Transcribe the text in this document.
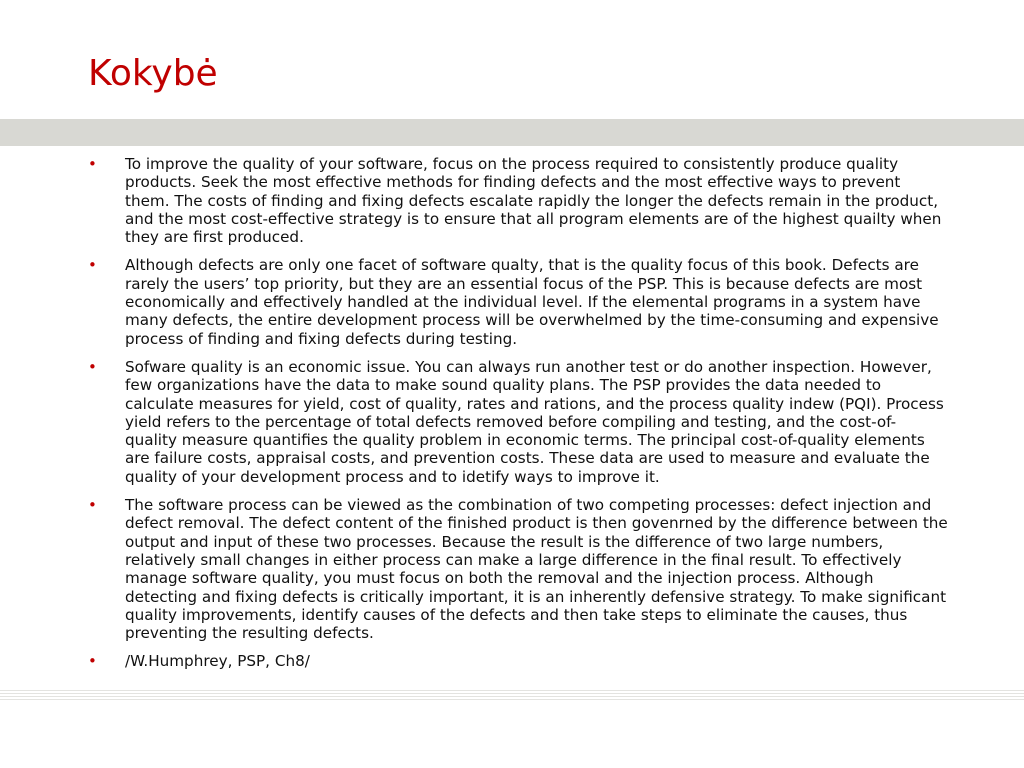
Kokybė
• To improve the quality of your software, focus on the process required to consistently produce quality products. Seek the most effective methods for finding defects and the most effective ways to prevent them. The costs of finding and fixing defects escalate rapidly the longer the defects remain in the product, and the most cost-effective strategy is to ensure that all program elements are of the highest quailty when they are first produced.
• Although defects are only one facet of software qualty, that is the quality focus of this book. Defects are rarely the users’ top priority, but they are an essential focus of the PSP. This is because defects are most economically and effectively handled at the individual level. If the elemental programs in a system have many defects, the entire development process will be overwhelmed by the time-consuming and expensive process of finding and fixing defects during testing.
• Sofware quality is an economic issue. You can always run another test or do another inspection. However, few organizations have the data to make sound quality plans. The PSP provides the data needed to calculate measures for yield, cost of quality, rates and rations, and the process quality indew (PQI). Process yield refers to the percentage of total defects removed before compiling and testing, and the cost-of-quality measure quantifies the quality problem in economic terms. The principal cost-of-quality elements are failure costs, appraisal costs, and prevention costs. These data are used to measure and evaluate the quality of your development process and to idetify ways to improve it.
• The software process can be viewed as the combination of two competing processes: defect injection and defect removal. The defect content of the finished product is then govenrned by the difference between the output and input of these two processes. Because the result is the difference of two large numbers, relatively small changes in either process can make a large difference in the final result. To effectively manage software quality, you must focus on both the removal and the injection process. Although detecting and fixing defects is critically important, it is an inherently defensive strategy. To make significant quality improvements, identify causes of the defects and then take steps to eliminate the causes, thus preventing the resulting defects.
• /W.Humphrey, PSP, Ch8/
